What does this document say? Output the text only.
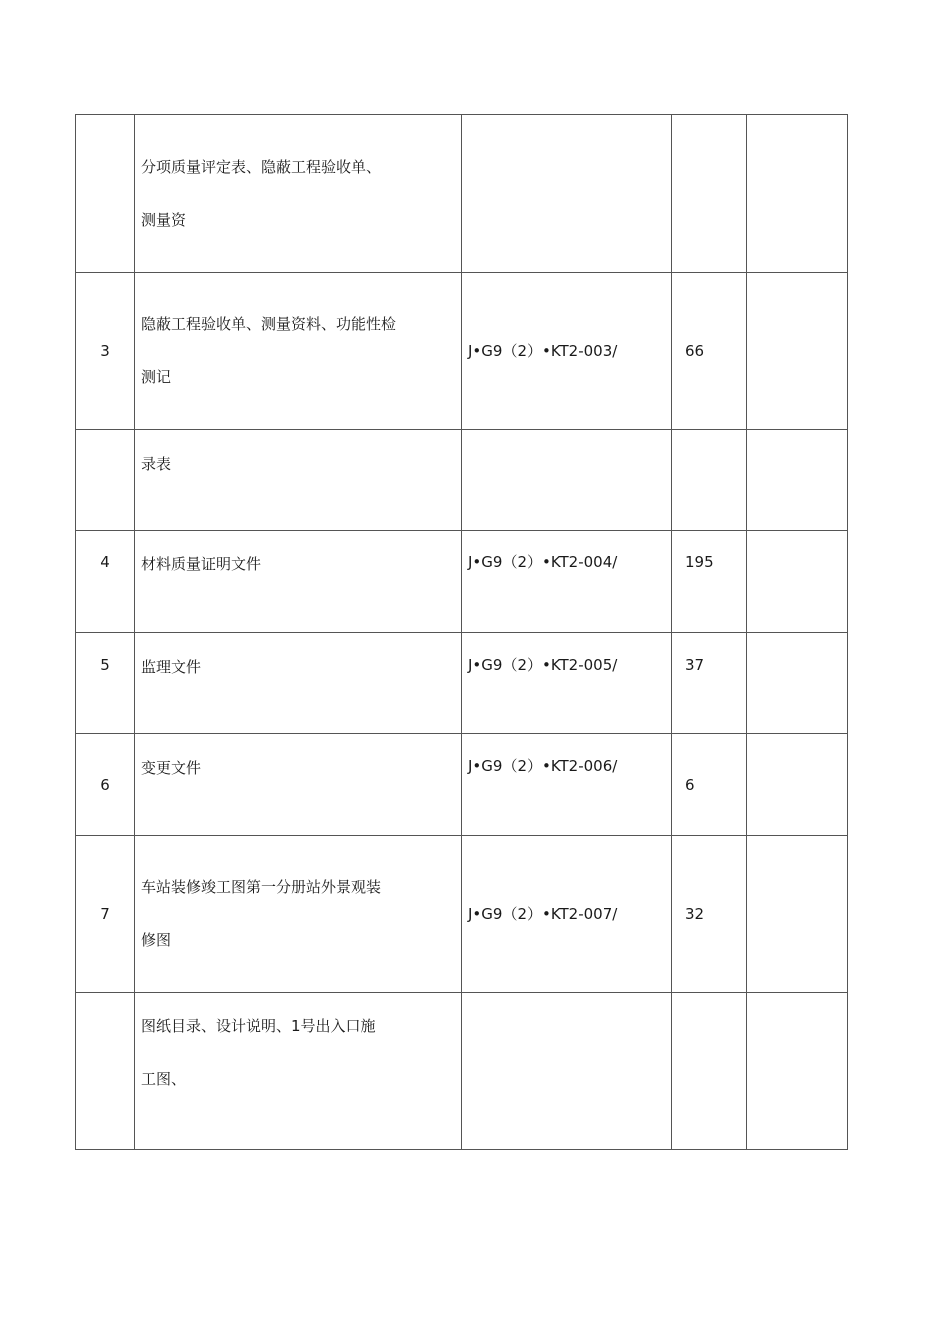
	分项质量评定表、隐蔽工程验收单、
测量资			

3	隐蔽工程验收单、测量资料、功能性检
测记	J•G9（2）•KT2-003/	66	

	录表			

4	材料质量证明文件	J•G9（2）•KT2-004/	195	
5	监理文件	J•G9（2）•KT2-005/	37	
6	变更文件	J•G9（2）•KT2-006/	6	
7	车站装修竣工图第一分册站外景观装
修图	J•G9（2）•KT2-007/	32	

	图纸目录、设计说明、1号出入口施
工图、			
